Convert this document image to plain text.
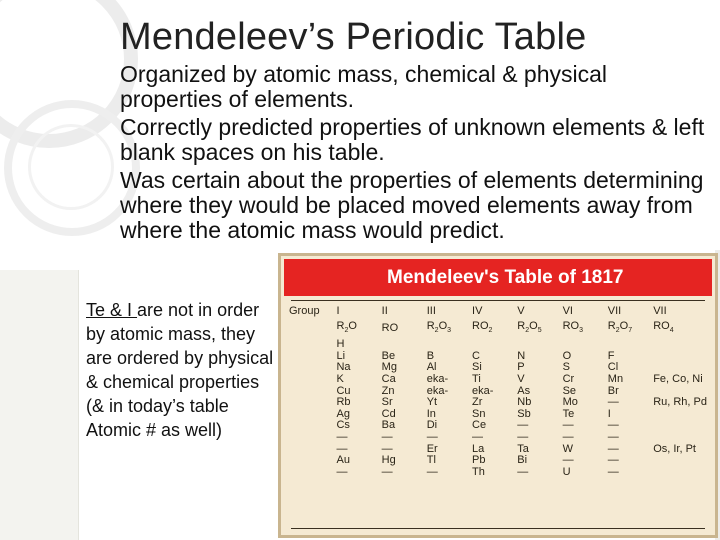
Mendeleev’s Periodic Table
Organized by atomic mass, chemical & physical properties of elements.
Correctly predicted properties of unknown elements & left blank spaces on his table.
Was certain about the properties of elements determining where they would be placed moved elements away from where the atomic mass would predict.
Te & I are not in order by atomic mass, they are ordered by physical & chemical properties (& in today’s table Atomic # as well)
Mendeleev's Table of 1817
Group	I	II	III	IV	V	VI	VII	VII
	$R_2O$	RO	$R_2O_3$	$RO_2$	$R_2O_5$	$RO_3$	$R_2O_7$	$RO_4$
	H							
	Li	Be	B	C	N	O	F	
	Na	Mg	Al	Si	P	S	Cl	
	K	Ca	eka-	Ti	V	Cr	Mn	Fe, Co, Ni
	Cu	Zn	eka-	eka-	As	Se	Br	
	Rb	Sr	Yt	Zr	Nb	Mo	—	Ru, Rh, Pd
	Ag	Cd	In	Sn	Sb	Te	I	
	Cs	Ba	Di	Ce	—	—	—	
	—	—	—	—	—	—	—	
	—	—	Er	La	Ta	W	—	Os, Ir, Pt
	Au	Hg	Tl	Pb	Bi	—	—	
	—	—	—	Th	—	U	—	
